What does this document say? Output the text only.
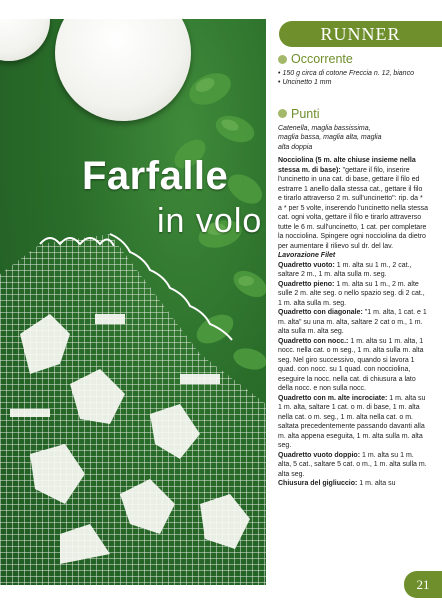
Farfalle
in volo
RUNNER
Occorrente
• 150 g circa di cotone Freccia n. 12, bianco
• Uncinetto 1 mm
Punti
Catenella, maglia bassissima, maglia bassa, maglia alta, maglia alta doppia

Nocciolina (5 m. alte chiuse insieme nella stessa m. di base): "gettare il filo, inserire l'uncinetto in una cat. di base, gettare il filo ed estrarre 1 anello dalla stessa cat., gettare il filo e tirarlo attraverso 2 m. sull'uncinetto": rip. da * a * per 5 volte, inserendo l'uncinetto nella stessa cat. ogni volta, gettare il filo e tirarlo attraverso tutte le 6 m. sull'uncinetto, 1 cat. per completare la nocciolina. Spingere ogni nocciolina da dietro per aumentare il rilievo sul dr. del lav.

Lavorazione Filet

Quadretto vuoto: 1 m. alta su 1 m., 2 cat., saltare 2 m., 1 m. alta sulla m. seg.

Quadretto pieno: 1 m. alta su 1 m., 2 m. alte sulle 2 m. alte seg. o nello spazio seg. di 2 cat., 1 m. alta sulla m. seg.

Quadretto con diagonale: "1 m. alta, 1 cat. e 1 m. alta" su una m. alta, saltare 2 cat o m., 1 m. alta sulla m. alta seg.

Quadretto con nocc.: 1 m. alta su 1 m. alta, 1 nocc. nella cat. o m seg., 1 m. alta sulla m. alta seg. Nel giro successivo, quando si lavora 1 quad. con nocc. su 1 quad. con nocciolina, eseguire la nocc. nella cat. di chiusura a lato della nocc. e non sulla nocc.

Quadretto con m. alte incrociate: 1 m. alta su 1 m. alta, saltare 1 cat. o m. di base, 1 m. alta nella cat. o m. seg., 1 m. alta nella cat. o m. saltata precedentemente passando davanti alla m. alta appena eseguita, 1 m. alta sulla m. alta seg.

Quadretto vuoto doppio: 1 m. alta su 1 m. alta, 5 cat., saltare 5 cat. o m., 1 m. alta sulla m. alta seg.

Chiusura del gigliuccio: 1 m. alta su

21
